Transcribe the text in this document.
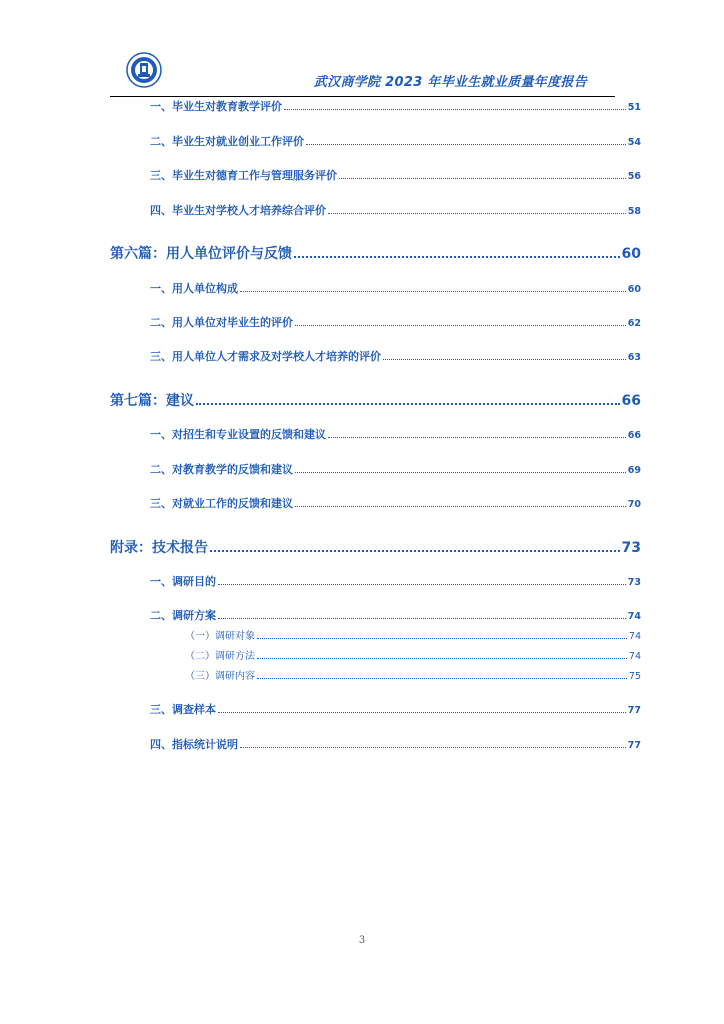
武汉商学院 2023 年毕业生就业质量年度报告
一、毕业生对教育教学评价	51
二、毕业生对就业创业工作评价	54
三、毕业生对德育工作与管理服务评价	56
四、毕业生对学校人才培养综合评价	58
第六篇：用人单位评价与反馈	60
一、用人单位构成	60
二、用人单位对毕业生的评价	62
三、用人单位人才需求及对学校人才培养的评价	63
第七篇：建议	66
一、对招生和专业设置的反馈和建议	66
二、对教育教学的反馈和建议	69
三、对就业工作的反馈和建议	70
附录：技术报告	73
一、调研目的	73
二、调研方案	74
（一）调研对象	74
（二）调研方法	74
（三）调研内容	75
三、调查样本	77
四、指标统计说明	77
3
